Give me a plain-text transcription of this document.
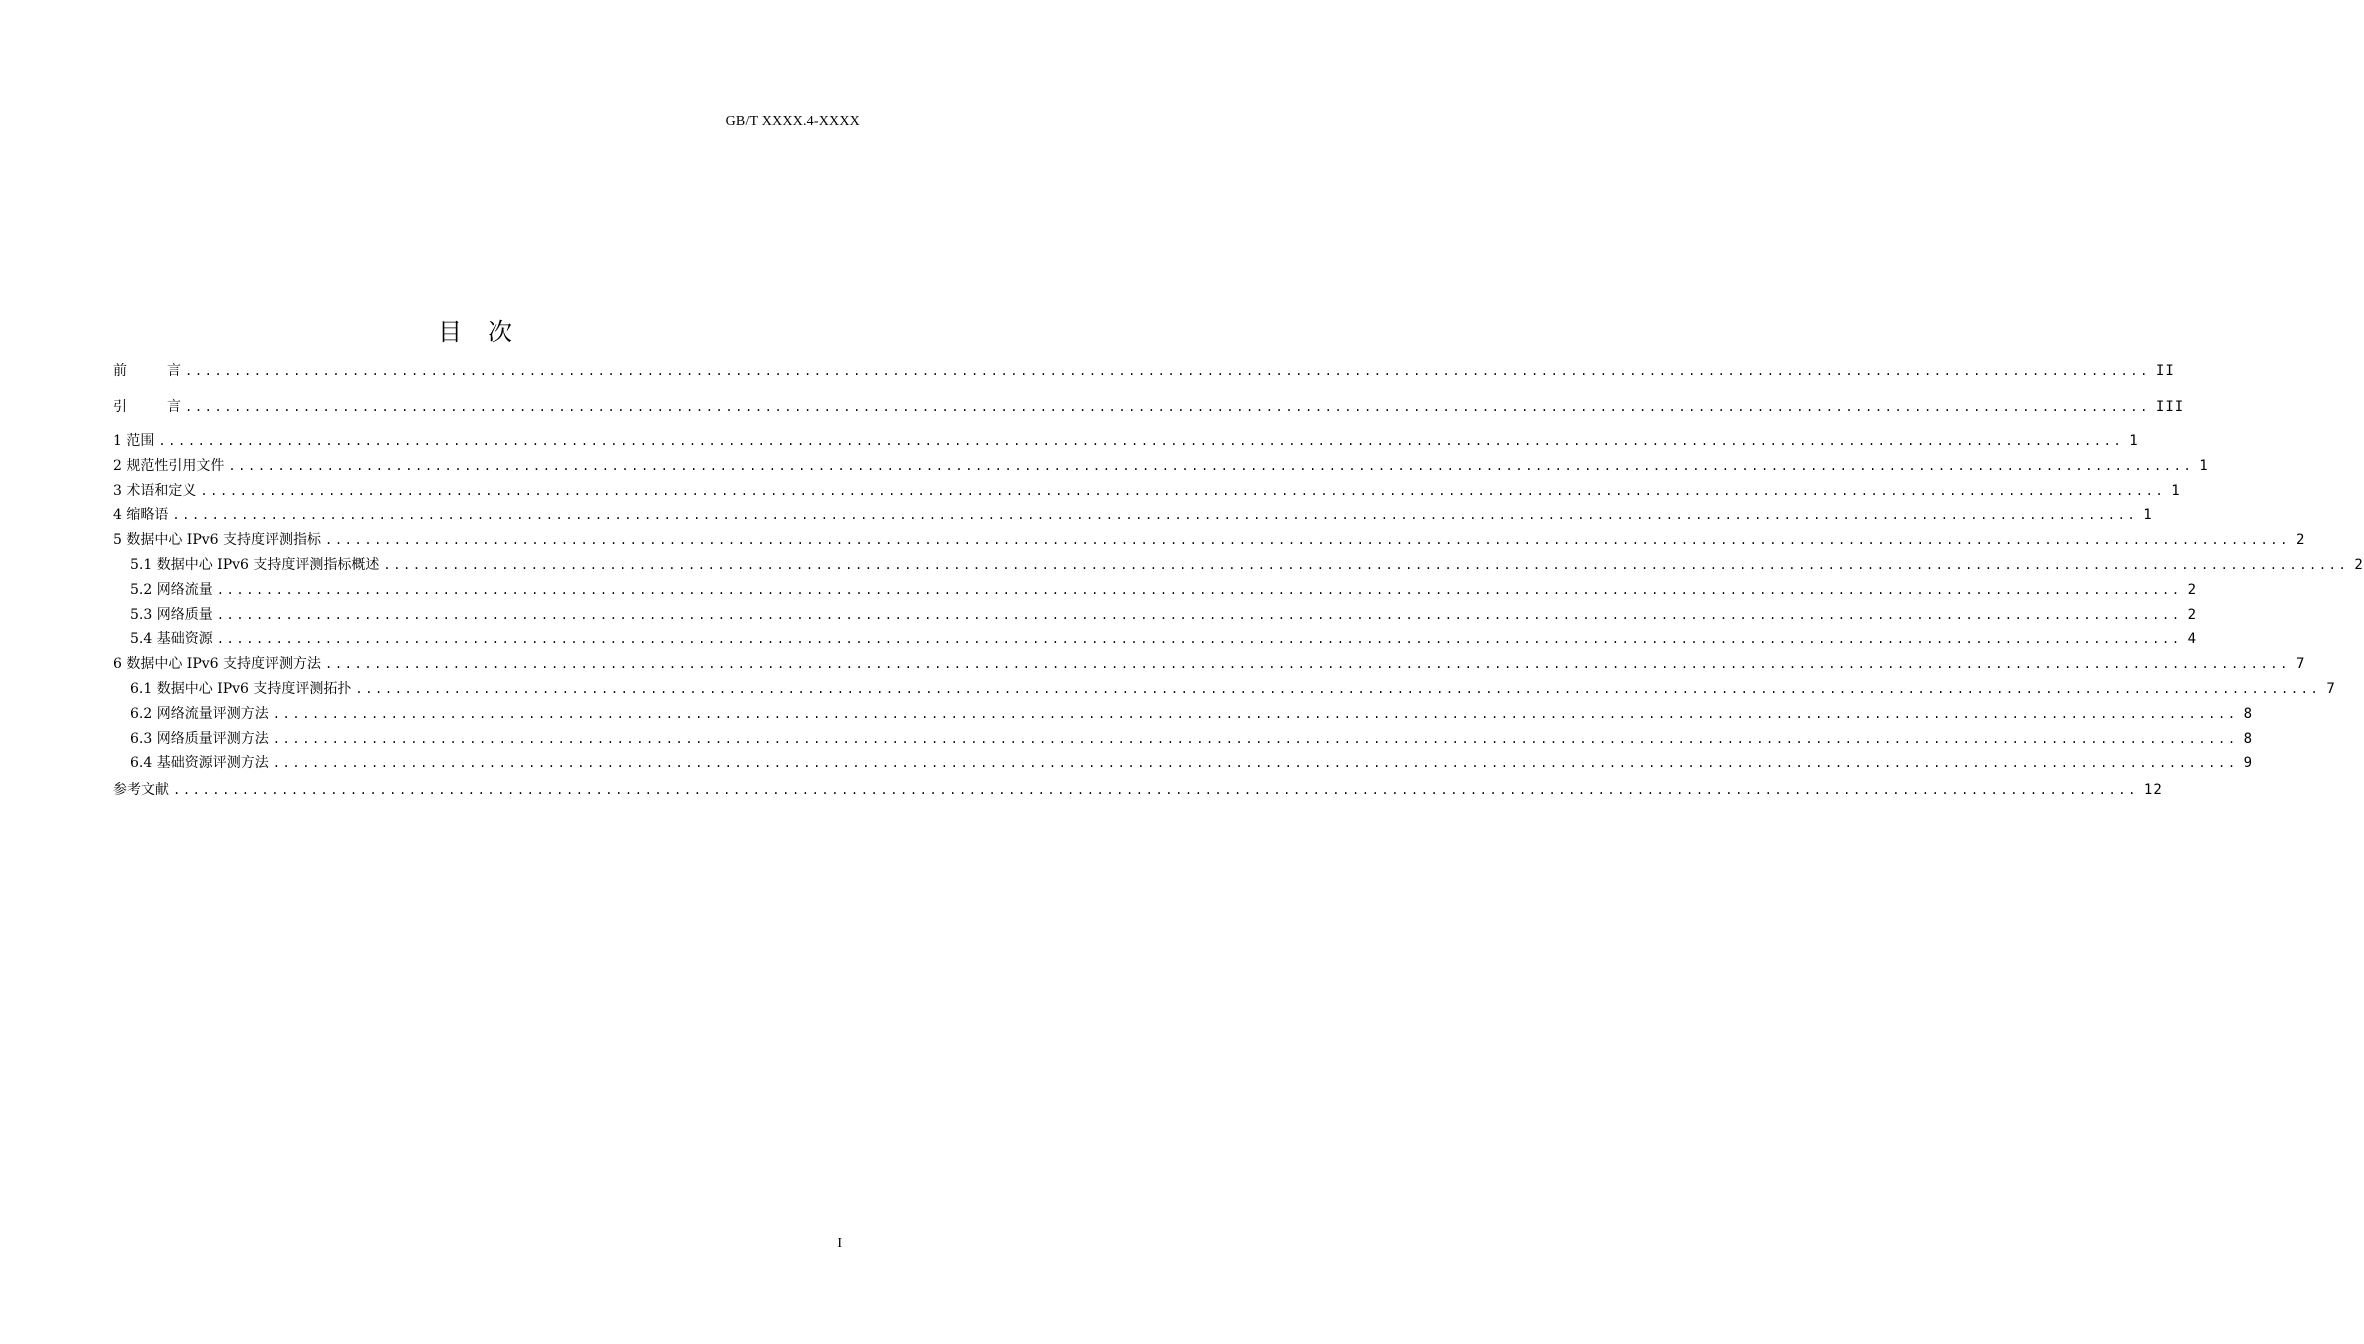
GB/T XXXX.4-XXXX
目 次
前	言 ........................................................................................................................................................................................................ II
引	言 ........................................................................................................................................................................................................ III
1 范围 ........................................................................................................................................................................................................ 1
2 规范性引用文件 ........................................................................................................................................................................................................ 1
3 术语和定义 ........................................................................................................................................................................................................ 1
4 缩略语 ........................................................................................................................................................................................................ 1
5 数据中心 IPv6 支持度评测指标 ........................................................................................................................................................................................................ 2
5.1 数据中心 IPv6 支持度评测指标概述 ........................................................................................................................................................................................................ 2
5.2 网络流量 ........................................................................................................................................................................................................ 2
5.3 网络质量 ........................................................................................................................................................................................................ 2
5.4 基础资源 ........................................................................................................................................................................................................ 4
6 数据中心 IPv6 支持度评测方法 ........................................................................................................................................................................................................ 7
6.1 数据中心 IPv6 支持度评测拓扑 ........................................................................................................................................................................................................ 7
6.2 网络流量评测方法 ........................................................................................................................................................................................................ 8
6.3 网络质量评测方法 ........................................................................................................................................................................................................ 8
6.4 基础资源评测方法 ........................................................................................................................................................................................................ 9
参考文献 ........................................................................................................................................................................................................ 12
I
